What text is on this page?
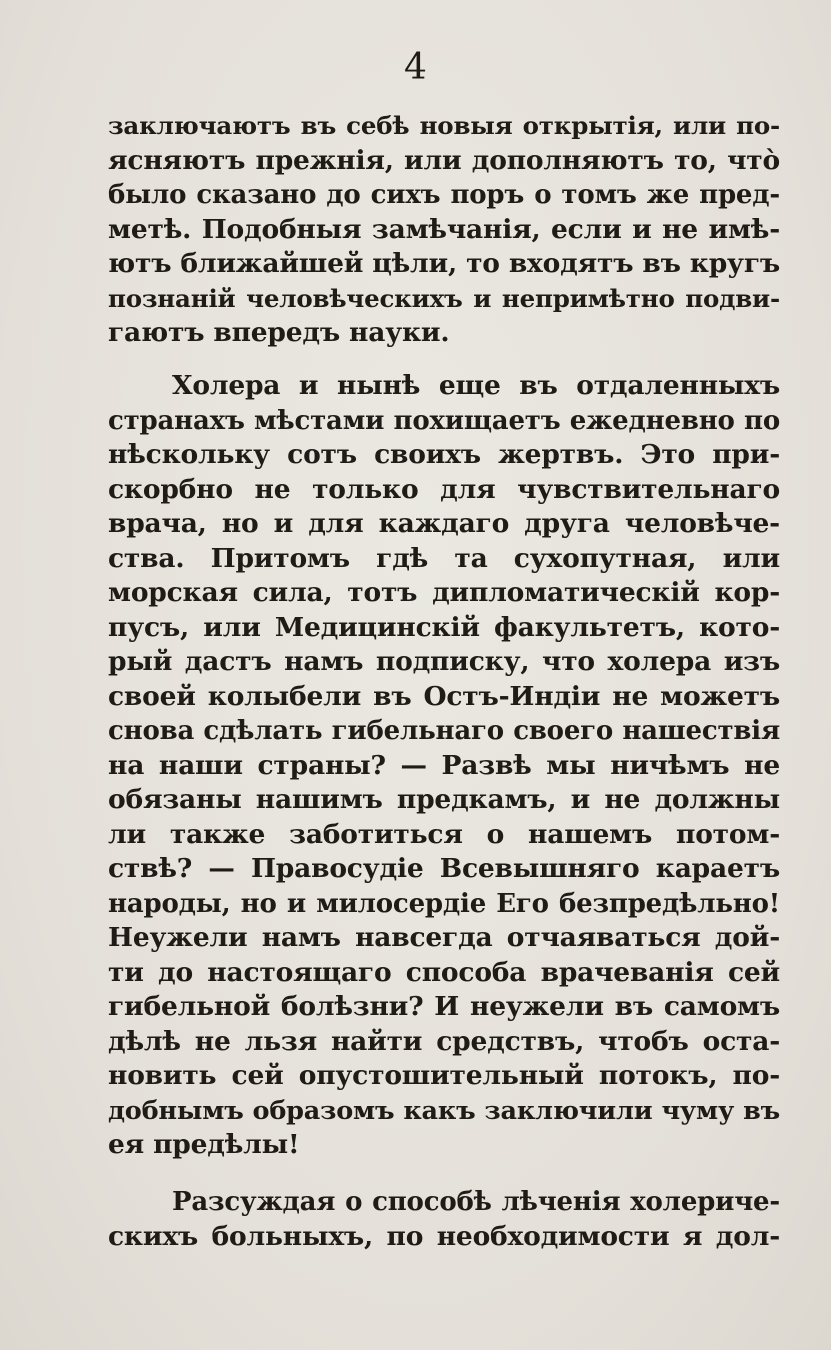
4
заключаютъ въ себѣ новыя открытія, или по-
ясняютъ прежнія, или дополняютъ то, что̀
было сказано до сихъ поръ о томъ же пред-
метѣ. Подобныя замѣчанія, если и не имѣ-
ютъ ближайшей цѣли, то входятъ въ кругъ
познаній человѣческихъ и непримѣтно подви-
гаютъ впередъ науки.
Холера и нынѣ еще въ отдаленныхъ
странахъ мѣстами похищаетъ ежедневно по
нѣскольку сотъ своихъ жертвъ. Это при-
скорбно не только для чувствительнаго
врача, но и для каждаго друга человѣче-
ства. Притомъ гдѣ та сухопутная, или
морская сила, тотъ дипломатическій кор-
пусъ, или Медицинскій факультетъ, кото-
рый дастъ намъ подписку, что холера изъ
своей колыбели въ Остъ-Индіи не можетъ
снова сдѣлать гибельнаго своего нашествія
на наши страны? — Развѣ мы ничѣмъ не
обязаны нашимъ предкамъ, и не должны
ли также заботиться о нашемъ потом-
ствѣ? — Правосудіе Всевышняго караетъ
народы, но и милосердіе Его безпредѣльно!
Неужели намъ навсегда отчаяваться дой-
ти до настоящаго способа врачеванія сей
гибельной болѣзни? И неужели въ самомъ
дѣлѣ не льзя найти средствъ, чтобъ оста-
новить сей опустошительный потокъ, по-
добнымъ образомъ какъ заключили чуму въ
ея предѣлы!
Разсуждая о способѣ лѣченія холериче-
скихъ больныхъ, по необходимости я дол-
